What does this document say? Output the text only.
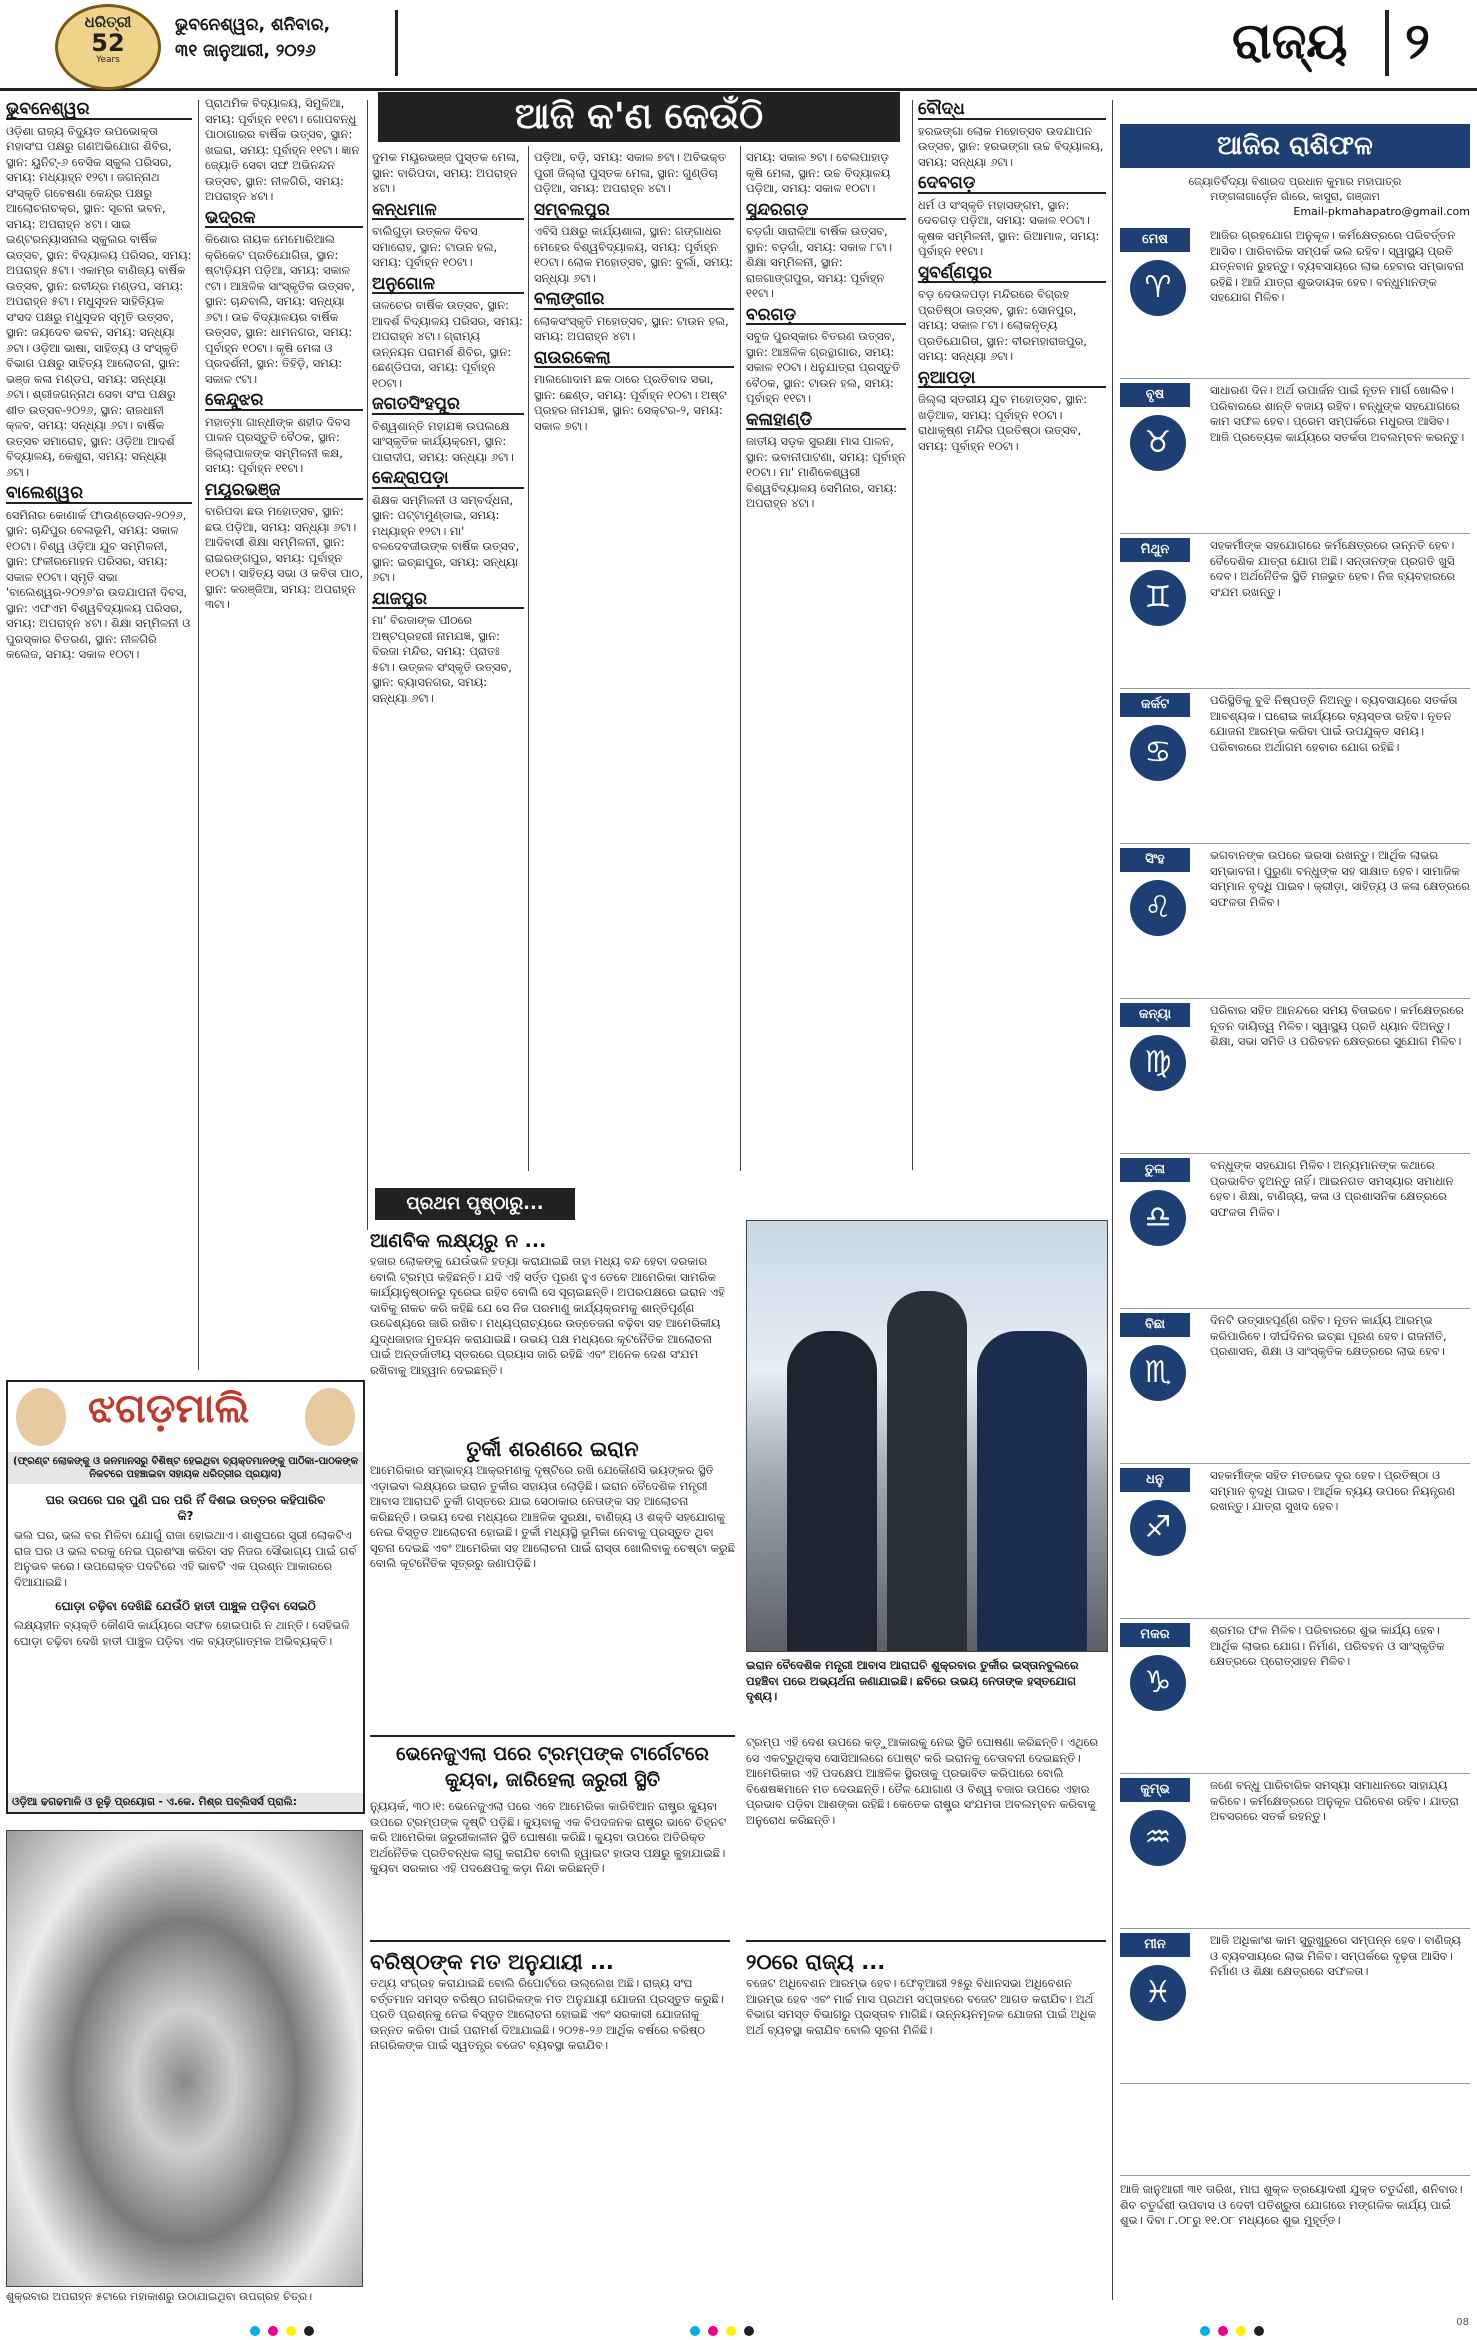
ଧରିତ୍ରୀ
52
Years
ଭୁବନେଶ୍ୱର, ଶନିବାର,
୩୧ ଜାନୁଆରୀ, ୨୦୨୬	ରାଜ୍ୟ ୨
ଆଜି କ'ଣ କେଉଁଠି
ଭୁବନେଶ୍ୱର
ଓଡ଼ିଶା ରାଜ୍ୟ ବିଦ୍ୟୁତ ଉପଭୋକ୍ତା ମହାସଂଘ ପକ୍ଷରୁ ଗଣଅଭିଯୋଗ ଶିବିର, ସ୍ଥାନ: ୟୁନିଟ୍-୬ ବେସିକ ସ୍କୁଲ ପରିସର, ସମୟ: ମଧ୍ୟାହ୍ନ ୧୨ଟା। ଜଗନ୍ନାଥ ସଂସ୍କୃତି ଗବେଷଣା କେନ୍ଦ୍ର ପକ୍ଷରୁ ଆଲୋଚନାଚକ୍ର, ସ୍ଥାନ: ସୂଚନା ଭବନ, ସମୟ: ଅପରାହ୍ନ ୪ଟା। ସାଇ ଇଣ୍ଟରନ୍ୟାସନାଲ ସ୍କୁଲର ବାର୍ଷିକ ଉତ୍ସବ, ସ୍ଥାନ: ବିଦ୍ୟାଳୟ ପରିସର, ସମୟ: ଅପରାହ୍ନ ୫ଟା। ଏକାମ୍ର ବାଣିଜ୍ୟ ବାର୍ଷିକ ଉତ୍ସବ, ସ୍ଥାନ: ରବୀନ୍ଦ୍ର ମଣ୍ଡପ, ସମୟ: ଅପରାହ୍ନ ୫ଟା। ମଧୁସୂଦନ ସାହିତ୍ୟିକ ସଂସଦ ପକ୍ଷରୁ ମଧୁସୂଦନ ସ୍ମୃତି ଉତ୍ସବ, ସ୍ଥାନ: ଜୟଦେବ ଭବନ, ସମୟ: ସନ୍ଧ୍ୟା ୬ଟା। ଓଡ଼ିଆ ଭାଷା, ସାହିତ୍ୟ ଓ ସଂସ୍କୃତି ବିଭାଗ ପକ୍ଷରୁ ସାହିତ୍ୟ ଆଲୋଚନା, ସ୍ଥାନ: ଭଞ୍ଜ କଳା ମଣ୍ଡପ, ସମୟ: ସନ୍ଧ୍ୟା ୬ଟା। ଶ୍ରୀଜଗନ୍ନାଥ ସେବା ସଂଘ ପକ୍ଷରୁ ଶୀତ ଉତ୍ସବ-୨୦୨୬, ସ୍ଥାନ: ରାଜଧାନୀ କ୍ଳବ, ସମୟ: ସନ୍ଧ୍ୟା ୬ଟା। ବାର୍ଷିକ ଉତ୍ସବ ସମାରୋହ, ସ୍ଥାନ: ଓଡ଼ିଆ ଆଦର୍ଶ ବିଦ୍ୟାଳୟ, କେଶୁରା, ସମୟ: ସନ୍ଧ୍ୟା ୬ଟା।
ବାଲେଶ୍ୱର
ସେମିନାର କୋଣାର୍କ ଫାଉଣ୍ଡେସନ-୨୦୨୬, ସ୍ଥାନ: ଚାନ୍ଦିପୁର ବେଳାଭୂମି, ସମୟ: ସକାଳ ୧୦ଟା। ବିଶ୍ୱ ଓଡ଼ିଆ ଯୁବ ସମ୍ମିଳନୀ, ସ୍ଥାନ: ଫକୀରମୋହନ ପରିସର, ସମୟ: ସକାଳ ୧୦ଟା। ସ୍ମୃତି ସଭା 'ବାଲେଶ୍ୱର-୨୦୨୬'ର ଉଦଯାପନୀ ଦିବସ, ସ୍ଥାନ: ଏଫଏମ ବିଶ୍ୱବିଦ୍ୟାଳୟ ପରିସର, ସମୟ: ଅପରାହ୍ନ ୪ଟା। ଶିକ୍ଷା ସମ୍ମିଳନୀ ଓ ପୁରସ୍କାର ବିତରଣ, ସ୍ଥାନ: ନୀଳଗିରି କଲେଜ, ସମୟ: ସକାଳ ୧୦ଟା।
ପ୍ରାଥମିକ ବିଦ୍ୟାଳୟ, ସିମୁଳିଆ, ସମୟ: ପୂର୍ବାହ୍ନ ୧୧ଟା। ଗୋପବନ୍ଧୁ ପାଠାଗାରର ବାର୍ଷିକ ଉତ୍ସବ, ସ୍ଥାନ: ଖଇରା, ସମୟ: ପୂର୍ବାହ୍ନ ୧୧ଟା। ଜ୍ଞାନ ଜ୍ୟୋତି ସେବା ସଙ୍ଘ ଅଭିନନ୍ଦନ ଉତ୍ସବ, ସ୍ଥାନ: ନୀଳଗିରି, ସମୟ: ଅପରାହ୍ନ ୪ଟା।
ଭଦ୍ରକ
କିଶୋର ନାୟକ ମେମୋରିଆଲ କ୍ରିକେଟ ପ୍ରତିଯୋଗିତା, ସ୍ଥାନ: ଷ୍ଟାଡ଼ିୟମ ପଡ଼ିଆ, ସମୟ: ସକାଳ ୯ଟା। ଆଞ୍ଚଳିକ ସାଂସ୍କୃତିକ ଉତ୍ସବ, ସ୍ଥାନ: ଚାନ୍ଦବାଲି, ସମୟ: ସନ୍ଧ୍ୟା ୬ଟା। ଉଚ୍ଚ ବିଦ୍ୟାଳୟର ବାର୍ଷିକ ଉତ୍ସବ, ସ୍ଥାନ: ଧାମନଗର, ସମୟ: ପୂର୍ବାହ୍ନ ୧୦ଟା। କୃଷି ମେଳା ଓ ପ୍ରଦର୍ଶନୀ, ସ୍ଥାନ: ତିହିଡ଼ି, ସମୟ: ସକାଳ ୯ଟା।
କେନ୍ଦୁଝର
ମହାତ୍ମା ଗାନ୍ଧୀଙ୍କ ଶହୀଦ ଦିବସ ପାଳନ ପ୍ରସ୍ତୁତି ବୈଠକ, ସ୍ଥାନ: ଜିଲ୍ଲାପାଳଙ୍କ ସମ୍ମିଳନୀ କକ୍ଷ, ସମୟ: ପୂର୍ବାହ୍ନ ୧୧ଟା।
ମୟୂରଭଞ୍ଜ
ବାରିପଦା ଛଉ ମହୋତ୍ସବ, ସ୍ଥାନ: ଛଉ ପଡ଼ିଆ, ସମୟ: ସନ୍ଧ୍ୟା ୬ଟା। ଆଦିବାସୀ ଶିକ୍ଷା ସମ୍ମିଳନୀ, ସ୍ଥାନ: ରାଇରଙ୍ଗପୁର, ସମୟ: ପୂର୍ବାହ୍ନ ୧୦ଟା। ସାହିତ୍ୟ ସଭା ଓ କବିତା ପାଠ, ସ୍ଥାନ: କରଞ୍ଜିଆ, ସମୟ: ଅପରାହ୍ନ ୩ଟା।
ଦୁମକ ମୟୂରଭଞ୍ଜ ପୁସ୍ତକ ମେଳା, ସ୍ଥାନ: ବାରିପଦା, ସମୟ: ଅପରାହ୍ନ ୪ଟା।
କନ୍ଧମାଳ
ବାଲିଗୁଡ଼ା ଉତ୍କଳ ଦିବସ ସମାରୋହ, ସ୍ଥାନ: ଟାଉନ ହଲ, ସମୟ: ପୂର୍ବାହ୍ନ ୧୦ଟା।
ଅନୁଗୋଳ
ତାଳଚେର ବାର୍ଷିକ ଉତ୍ସବ, ସ୍ଥାନ: ଆଦର୍ଶ ବିଦ୍ୟାଳୟ ପରିସର, ସମୟ: ଅପରାହ୍ନ ୪ଟା। ଗ୍ରାମ୍ୟ ଉନ୍ନୟନ ପରାମର୍ଶ ଶିବିର, ସ୍ଥାନ: ଛେଣ୍ଡିପଦା, ସମୟ: ପୂର୍ବାହ୍ନ ୧୦ଟା।
ଜଗତସିଂହପୁର
ବିଶ୍ୱଶାନ୍ତି ମହାଯଜ୍ଞ ଉପଲକ୍ଷେ ସାଂସ୍କୃତିକ କାର୍ଯ୍ୟକ୍ରମ, ସ୍ଥାନ: ପାରାଦୀପ, ସମୟ: ସନ୍ଧ୍ୟା ୬ଟା।
କେନ୍ଦ୍ରାପଡ଼ା
ଶିକ୍ଷକ ସମ୍ମିଳନୀ ଓ ସମ୍ବର୍ଦ୍ଧନା, ସ୍ଥାନ: ପଟ୍ଟାମୁଣ୍ଡାଇ, ସମୟ: ମଧ୍ୟାହ୍ନ ୧୨ଟା। ମା' ବଳଦେବଜୀଉଙ୍କ ବାର୍ଷିକ ଉତ୍ସବ, ସ୍ଥାନ: ଇଚ୍ଛାପୁର, ସମୟ: ସନ୍ଧ୍ୟା ୬ଟା।
ଯାଜପୁର
ମା' ବିରଜାଙ୍କ ପୀଠରେ ଅଷ୍ଟପ୍ରହରୀ ନାମଯଜ୍ଞ, ସ୍ଥାନ: ବିରଜା ମନ୍ଦିର, ସମୟ: ପ୍ରାତଃ ୫ଟା। ଉତ୍କଳ ସଂସ୍କୃତି ଉତ୍ସବ, ସ୍ଥାନ: ବ୍ୟାସନଗର, ସମୟ: ସନ୍ଧ୍ୟା ୬ଟା।
ପଡ଼ିଆ, ବଡ଼ି, ସମୟ: ସକାଳ ୭ଟା। ଅବିଭକ୍ତ ପୁରୀ ଜିଲ୍ଲା ପୁସ୍ତକ ମେଳା, ସ୍ଥାନ: ଗୁଣ୍ଡିଚା ପଡ଼ିଆ, ସମୟ: ଅପରାହ୍ନ ୪ଟା।
ସମ୍ବଲପୁର
ଏବିସି ପକ୍ଷରୁ କାର୍ଯ୍ୟଶାଳା, ସ୍ଥାନ: ଗଙ୍ଗାଧର ମେହେର ବିଶ୍ୱବିଦ୍ୟାଳୟ, ସମୟ: ପୂର୍ବାହ୍ନ ୧୦ଟା। ଲୋକ ମହୋତ୍ସବ, ସ୍ଥାନ: ବୁର୍ଲା, ସମୟ: ସନ୍ଧ୍ୟା ୬ଟା।
ବଲାଙ୍ଗୀର
ଲୋକସଂସ୍କୃତି ମହୋତ୍ସବ, ସ୍ଥାନ: ଟାଉନ ହଲ, ସମୟ: ଅପରାହ୍ନ ୪ଟା।
ରାଉରକେଲା
ମାଲଗୋଦାମ ଛକ ଠାରେ ପ୍ରତିବାଦ ସଭା, ସ୍ଥାନ: ଛେଣ୍ଡ, ସମୟ: ପୂର୍ବାହ୍ନ ୧୦ଟା। ଅଷ୍ଟ ପ୍ରହର ନାମଯଜ୍ଞ, ସ୍ଥାନ: ସେକ୍ଟର-୨, ସମୟ: ସକାଳ ୭ଟା।
ସମୟ: ସକାଳ ୭ଟା। ବେଲପାହାଡ଼ କୃଷି ମେଳା, ସ୍ଥାନ: ଉଚ୍ଚ ବିଦ୍ୟାଳୟ ପଡ଼ିଆ, ସମୟ: ସକାଳ ୧୦ଟା।
ସୁନ୍ଦରଗଡ଼
ବଡ଼ଗାଁ ସାରାଳିଆ ବାର୍ଷିକ ଉତ୍ସବ, ସ୍ଥାନ: ବଡ଼ଗାଁ, ସମୟ: ସକାଳ ୮ଟା। ଶିକ୍ଷା ସମ୍ମିଳନୀ, ସ୍ଥାନ: ରାଜଗାଙ୍ଗପୁର, ସମୟ: ପୂର୍ବାହ୍ନ ୧୧ଟା।
ବରଗଡ଼
ସବୁଜ ପୁରସ୍କାର ବିତରଣ ଉତ୍ସବ, ସ୍ଥାନ: ଆଞ୍ଚଳିକ ଗ୍ରନ୍ଥାଗାର, ସମୟ: ସକାଳ ୧୦ଟା। ଧନୁଯାତ୍ରା ପ୍ରସ୍ତୁତି ବୈଠକ, ସ୍ଥାନ: ଟାଉନ ହଲ, ସମୟ: ପୂର୍ବାହ୍ନ ୧୧ଟା।
କଳାହାଣ୍ଡି
ଜାତୀୟ ସଡ଼କ ସୁରକ୍ଷା ମାସ ପାଳନ, ସ୍ଥାନ: ଭବାନୀପାଟଣା, ସମୟ: ପୂର୍ବାହ୍ନ ୧୦ଟା। ମା' ମାଣିକେଶ୍ୱରୀ ବିଶ୍ୱବିଦ୍ୟାଳୟ ସେମିନାର, ସମୟ: ଅପରାହ୍ନ ୪ଟା।
ବୌଦ୍ଧ
ହରଭଙ୍ଗା ଲୋକ ମହୋତ୍ସବ ଉଦଯାପନ ଉତ୍ସବ, ସ୍ଥାନ: ହରଭଙ୍ଗା ଉଚ୍ଚ ବିଦ୍ୟାଳୟ, ସମୟ: ସନ୍ଧ୍ୟା ୬ଟା।
ଦେବଗଡ଼
ଧର୍ମ ଓ ସଂସ୍କୃତି ମହାସଙ୍ଗମ, ସ୍ଥାନ: ଦେବଗଡ଼ ପଡ଼ିଆ, ସମୟ: ସକାଳ ୧୦ଟା। କୃଷକ ସମ୍ମିଳନୀ, ସ୍ଥାନ: ରିଆମାଳ, ସମୟ: ପୂର୍ବାହ୍ନ ୧୧ଟା।
ସୁବର୍ଣ୍ଣପୁର
ବଡ଼ ଦେଉଳପଡ଼ା ମନ୍ଦିରରେ ବିଗ୍ରହ ପ୍ରତିଷ୍ଠା ଉତ୍ସବ, ସ୍ଥାନ: ସୋନପୁର, ସମୟ: ସକାଳ ୮ଟା। ଲୋକନୃତ୍ୟ ପ୍ରତିଯୋଗିତା, ସ୍ଥାନ: ବୀରମହାରାଜପୁର, ସମୟ: ସନ୍ଧ୍ୟା ୬ଟା।
ନୂଆପଡ଼ା
ଜିଲ୍ଲା ସ୍ତରୀୟ ଯୁବ ମହୋତ୍ସବ, ସ୍ଥାନ: ଖଡ଼ିଆଳ, ସମୟ: ପୂର୍ବାହ୍ନ ୧୦ଟା। ରାଧାକୃଷ୍ଣ ମନ୍ଦିର ପ୍ରତିଷ୍ଠା ଉତ୍ସବ, ସମୟ: ପୂର୍ବାହ୍ନ ୧୦ଟା।
ଝଗଡ଼ମାଲି
(ଫ୍ରଣ୍ଟ ଲୋକଙ୍କୁ ଓ ଜନମାନସରୁ ବିଶିଷ୍ଟ ହେଇଥିବା ବ୍ୟକ୍ତମାନଙ୍କୁ ପାଠିକା-ପାଠକଙ୍କ ନିକଟରେ ପହଞ୍ଚାଇବା ସହାୟକ ଧରିତ୍ରୀର ପ୍ରୟାସ)
ଘର ଉପରେ ଘର ପୁଣି ଘର ପରି ନିଁ ଦିଶଇ ଉତ୍ତର କହିପାରିବ କି?
ଭଲ ଘର, ଭଲ ବର ମିଳିବା ଯୋଗୁଁ ରାଜା ହୋଇଥାଏ। ଶାଶୁଘରେ ସ୍ତ୍ରୀ ଲୋକଟିଏ ରାଜ ଘର ଓ ଭଲ ବରକୁ ନେଇ ପ୍ରଶଂସା କରିବା ସହ ନିଜର ସୌଭାଗ୍ୟ ପାଇଁ ଗର୍ବ ଅନୁଭବ କରେ। ଉପରୋକ୍ତ ପଦଟିରେ ଏହି ଭାବଟି ଏକ ପ୍ରଶ୍ନ ଆକାରରେ ଦିଆଯାଇଛି।
ଘୋଡ଼ା ଚଢ଼ିବା ଦେଖିଛି ଯେଉଁଠି ହାତୀ ପାଞ୍ଚୁଳ ପଡ଼ିବା ସେଇଠି
ଲକ୍ଷ୍ୟହୀନ ବ୍ୟକ୍ତି କୌଣସି କାର୍ଯ୍ୟରେ ସଫଳ ହୋଇପାରି ନ ଥାନ୍ତି। ସେହିଭଳି ଘୋଡ଼ା ଚଢ଼ିବା ଦେଖି ହାତୀ ପାଞ୍ଚୁଳ ପଡ଼ିବା ଏକ ବ୍ୟଙ୍ଗାତ୍ମକ ଅଭିବ୍ୟକ୍ତି।
ଓଡ଼ିଆ ଢଗଢମାଳି ଓ ରୂଢ଼ି ପ୍ରୟୋଗ - ଏ.କେ. ମିଶ୍ର ପବ୍ଲିସର୍ସ ପ୍ରାଲି:
ଶୁକ୍ରବାର ଅପରାହ୍ନ ୫ଟାରେ ମହାକାଶରୁ ଉଠାଯାଇଥିବା ଉପଗ୍ରହ ଚିତ୍ର।
ପ୍ରଥମ ପୃଷ୍ଠାରୁ...
ଆଣବିକ ଲକ୍ଷ୍ୟରୁ ନ ...
ହଜାର ଲୋକଙ୍କୁ ଯେଉଁଭଳି ହତ୍ୟା କରାଯାଇଛି ତାହା ମଧ୍ୟ ବନ୍ଦ ହେବା ଦରକାର ବୋଲି ଟ୍ରମ୍ପ କହିଛନ୍ତି। ଯଦି ଏହି ସର୍ତ୍ତ ପୂରଣ ହୁଏ ତେବେ ଆମେରିକା ସାମରିକ କାର୍ଯ୍ୟାନୁଷ୍ଠାନରୁ ଦୂରେଇ ରହିବ ବୋଲି ସେ ସୂଚାଇଛନ୍ତି। ଅପରପକ୍ଷରେ ଇରାନ ଏହି ଦାବିକୁ ନାକଚ କରି କହିଛି ଯେ ସେ ନିଜ ପରମାଣୁ କାର୍ଯ୍ୟକ୍ରମକୁ ଶାନ୍ତିପୂର୍ଣ୍ଣ ଉଦ୍ଦେଶ୍ୟରେ ଜାରି ରଖିବ। ମଧ୍ୟପ୍ରାଚ୍ୟରେ ଉତ୍ତେଜନା ବଢ଼ିବା ସହ ଆମେରିକୀୟ ଯୁଦ୍ଧଜାହାଜ ମୁତୟନ କରାଯାଇଛି। ଉଭୟ ପକ୍ଷ ମଧ୍ୟରେ କୂଟନୈତିକ ଆଲୋଚନା ପାଇଁ ଅନ୍ତର୍ଜାତୀୟ ସ୍ତରରେ ପ୍ରୟାସ ଜାରି ରହିଛି ଏବଂ ଅନେକ ଦେଶ ସଂଯମ ରଖିବାକୁ ଆହ୍ୱାନ ଦେଇଛନ୍ତି।
ତୁର୍କୀ ଶରଣରେ ଇରାନ
ଆମେରିକାର ସମ୍ଭାବ୍ୟ ଆକ୍ରମଣକୁ ଦୃଷ୍ଟିରେ ରଖି ଯେକୌଣସି ଭୟଙ୍କର ସ୍ଥିତି ଏଡ଼ାଇବା ଲକ୍ଷ୍ୟରେ ଇରାନ ତୁର୍କୀର ସହାୟତା ଲୋଡ଼ିଛି। ଇରାନ ବୈଦେଶିକ ମନ୍ତ୍ରୀ ଆବାସ ଆରାଘଚି ତୁର୍କୀ ଗସ୍ତରେ ଯାଇ ସେଠାକାର ନେତାଙ୍କ ସହ ଆଲୋଚନା କରିଛନ୍ତି। ଉଭୟ ଦେଶ ମଧ୍ୟରେ ଆଞ୍ଚଳିକ ସୁରକ୍ଷା, ବାଣିଜ୍ୟ ଓ ଶକ୍ତି ସହଯୋଗକୁ ନେଇ ବିସ୍ତୃତ ଆଲୋଚନା ହୋଇଛି। ତୁର୍କୀ ମଧ୍ୟସ୍ଥି ଭୂମିକା ନେବାକୁ ପ୍ରସ୍ତୁତ ଥିବା ସୂଚନା ଦେଇଛି ଏବଂ ଆମେରିକା ସହ ଆଲୋଚନା ପାଇଁ ରାସ୍ତା ଖୋଲିବାକୁ ଚେଷ୍ଟା କରୁଛି ବୋଲି କୂଟନୈତିକ ସୂତ୍ରରୁ ଜଣାପଡ଼ିଛି।
ଭେନେଜୁଏଲା ପରେ ଟ୍ରମ୍ପଙ୍କ ଟାର୍ଗେଟରେ କ୍ୟୁବା, ଜାରିହେଲା ଜରୁରୀ ସ୍ଥିତି
ନ୍ୟୁୟର୍କ, ୩୦।୧: ଭେନେଜୁଏଲା ପରେ ଏବେ ଆମେରିକା କାରିବିଆନ ରାଷ୍ଟ୍ର କ୍ୟୁବା ଉପରେ ଟ୍ରମ୍ପଙ୍କ ଦୃଷ୍ଟି ପଡ଼ିଛି। କ୍ୟୁବାକୁ ଏକ ବିପଦଜନକ ରାଷ୍ଟ୍ର ଭାବେ ଚିହ୍ନଟ କରି ଆମେରିକା ଜରୁରୀକାଳୀନ ସ୍ଥିତି ଘୋଷଣା କରିଛି। କ୍ୟୁବା ଉପରେ ଅତିରିକ୍ତ ଅର୍ଥନୈତିକ ପ୍ରତିବନ୍ଧକ ଲାଗୁ କରାଯିବ ବୋଲି ହ୍ୱାଇଟ ହାଉସ ପକ୍ଷରୁ କୁହାଯାଇଛି। କ୍ୟୁବା ସରକାର ଏହି ପଦକ୍ଷେପକୁ କଡ଼ା ନିନ୍ଦା କରିଛନ୍ତି।
ଇରାନ ବୈଦେଶିକ ମନ୍ତ୍ରୀ ଆବାସ ଆରାଘଚି ଶୁକ୍ରବାର ତୁର୍କୀର ଇସ୍ତାନବୁଲରେ ପହଞ୍ଚିବା ପରେ ଅଭ୍ୟର୍ଥନା ଜଣାଯାଇଛି। ଛବିରେ ଉଭୟ ନେତାଙ୍କ ହସ୍ତଯୋଗ ଦୃଶ୍ୟ।
ଟ୍ରମ୍ପ ଏହି ଦେଶ ଉପରେ କଡ଼ୁଆକାରକୁ ନେଇ ସ୍ଥିତି ଘୋଷଣା କରିଛନ୍ତି। ଏଥିରେ ସେ ଏକଟ୍ରୁଥିକ୍ସ ସୋସିଆଲରେ ପୋଷ୍ଟ କରି ଇରାନକୁ ଚେତାବନୀ ଦେଇଛନ୍ତି। ଆମେରିକାର ଏହି ପଦକ୍ଷେପ ଆଞ୍ଚଳିକ ସ୍ଥିରତାକୁ ପ୍ରଭାବିତ କରିପାରେ ବୋଲି ବିଶେଷଜ୍ଞମାନେ ମତ ଦେଉଛନ୍ତି। ତୈଳ ଯୋଗାଣ ଓ ବିଶ୍ୱ ବଜାର ଉପରେ ଏହାର ପ୍ରଭାବ ପଡ଼ିବା ଆଶଙ୍କା ରହିଛି। କେତେକ ରାଷ୍ଟ୍ର ସଂଯମତା ଅବଲମ୍ବନ କରିବାକୁ ଅନୁରୋଧ କରିଛନ୍ତି।
ବରିଷ୍ଠଙ୍କ ମତ ଅନୁଯାୟୀ ...
ତଥ୍ୟ ସଂଗ୍ରହ କରାଯାଇଛି ବୋଲି ରିପୋର୍ଟରେ ଉଲ୍ଲେଖ ଅଛି। ରାଜ୍ୟ ସଂଘ ବର୍ତ୍ତମାନ ସମସ୍ତ ବରିଷ୍ଠ ନାଗରିକଙ୍କ ମତ ଅନୁଯାୟୀ ଯୋଜନା ପ୍ରସ୍ତୁତ କରୁଛି। ପ୍ରତି ପ୍ରଶ୍ନକୁ ନେଇ ବିସ୍ତୃତ ଆଲୋଚନା ହୋଇଛି ଏବଂ ସରକାରୀ ଯୋଜନାକୁ ଉନ୍ନତ କରିବା ପାଇଁ ପରାମର୍ଶ ଦିଆଯାଇଛି। ୨୦୨୫-୨୬ ଆର୍ଥିକ ବର୍ଷରେ ବରିଷ୍ଠ ନାଗରିକଙ୍କ ପାଇଁ ସ୍ୱତନ୍ତ୍ର ବଜେଟ ବ୍ୟବସ୍ଥା କରାଯିବ।
୨୦ରେ ରାଜ୍ୟ ...
ବଜେଟ ଅଧିବେଶନ ଆରମ୍ଭ ହେବ। ଫେବୃଆରୀ ୨୫ରୁ ବିଧାନସଭା ଅଧିବେଶନ ଆରମ୍ଭ ହେବ ଏବଂ ମାର୍ଚ୍ଚ ମାସ ପ୍ରଥମ ସପ୍ତାହରେ ବଜେଟ ଆଗତ କରାଯିବ। ଅର୍ଥ ବିଭାଗ ସମସ୍ତ ବିଭାଗରୁ ପ୍ରସ୍ତାବ ମାଗିଛି। ଉନ୍ନୟନମୂଳକ ଯୋଜନା ପାଇଁ ଅଧିକ ଅର୍ଥ ବ୍ୟବସ୍ଥା କରାଯିବ ବୋଲି ସୂଚନା ମିଳିଛି।
ଆଜିର ରାଶିଫଳ
ଜ୍ୟୋତିର୍ବିଦ୍ୟା ବିଶାରଦ ପ୍ରଧାନ କୁମାର ମହାପାତ୍ର
ମଙ୍ଗଳାଗାର୍ଡ଼େନ ଗାଁରେ, କାସୁରା, ଗଞ୍ଜାମ
Email-pkmahapatro@gmail.com
ମେଷ
♈
ଆଜିର ଗ୍ରହଯୋଗ ଅନୁକୂଳ। କର୍ମକ୍ଷେତ୍ରରେ ପରିବର୍ତ୍ତନ ଆସିବ। ପାରିବାରିକ ସମ୍ପର୍କ ଭଲ ରହିବ। ସ୍ୱାସ୍ଥ୍ୟ ପ୍ରତି ଯତ୍ନବାନ ରୁହନ୍ତୁ। ବ୍ୟବସାୟରେ ଲାଭ ହେବାର ସମ୍ଭାବନା ରହିଛି। ଆଜି ଯାତ୍ରା ଶୁଭଦାୟକ ହେବ। ବନ୍ଧୁମାନଙ୍କ ସହଯୋଗ ମିଳିବ।
ବୃଷ
♉
ସାଧାରଣ ଦିନ। ଅର୍ଥ ଉପାର୍ଜନ ପାଇଁ ନୂତନ ମାର୍ଗ ଖୋଲିବ। ପରିବାରରେ ଶାନ୍ତି ବଜାୟ ରହିବ। ବନ୍ଧୁଙ୍କ ସହଯୋଗରେ କାମ ସଫଳ ହେବ। ପ୍ରେମ ସମ୍ପର୍କରେ ମଧୁରତା ଆସିବ। ଆଜି ପ୍ରତ୍ୟେକ କାର୍ଯ୍ୟରେ ସତର୍କତା ଅବଲମ୍ବନ କରନ୍ତୁ।
ମିଥୁନ
♊
ସହକର୍ମୀଙ୍କ ସହଯୋଗରେ କର୍ମକ୍ଷେତ୍ରରେ ଉନ୍ନତି ହେବ। ବୈଦେଶିକ ଯାତ୍ରା ଯୋଗ ଅଛି। ସନ୍ତାନଙ୍କ ପ୍ରଗତି ଖୁସି ଦେବ। ଅର୍ଥନୈତିକ ସ୍ଥିତି ମଜଭୁତ ହେବ। ନିଜ ବ୍ୟବହାରରେ ସଂଯମ ରଖନ୍ତୁ।
କର୍କଟ
♋
ପରିସ୍ଥିତିକୁ ବୁଝି ନିଷ୍ପତ୍ତି ନିଅନ୍ତୁ। ବ୍ୟବସାୟରେ ସତର୍କତା ଆବଶ୍ୟକ। ଘରୋଇ କାର୍ଯ୍ୟରେ ବ୍ୟସ୍ତତା ରହିବ। ନୂତନ ଯୋଜନା ଆରମ୍ଭ କରିବା ପାଇଁ ଉପଯୁକ୍ତ ସମୟ। ପରିବାରରେ ଅର୍ଥାଗମ ହେବାର ଯୋଗ ରହିଛି।
ସିଂହ
♌
ଭଗବାନଙ୍କ ଉପରେ ଭରସା ରଖନ୍ତୁ। ଆର୍ଥିକ ଲାଭର ସମ୍ଭାବନା। ପୁରୁଣା ବନ୍ଧୁଙ୍କ ସହ ସାକ୍ଷାତ ହେବ। ସାମାଜିକ ସମ୍ମାନ ବୃଦ୍ଧି ପାଇବ। କ୍ରୀଡ଼ା, ସାହିତ୍ୟ ଓ କଳା କ୍ଷେତ୍ରରେ ସଫଳତା ମିଳିବ।
କନ୍ୟା
♍
ପରିବାର ସହିତ ଆନନ୍ଦରେ ସମୟ ବିତାଇବେ। କର୍ମକ୍ଷେତ୍ରରେ ନୂତନ ଦାୟିତ୍ୱ ମିଳିବ। ସ୍ୱାସ୍ଥ୍ୟ ପ୍ରତି ଧ୍ୟାନ ଦିଅନ୍ତୁ। ଶିକ୍ଷା, ସଭା ସମିତି ଓ ପରିବହନ କ୍ଷେତ୍ରରେ ସୁଯୋଗ ମିଳିବ।
ତୁଳା
♎
ବନ୍ଧୁଙ୍କ ସହଯୋଗ ମିଳିବ। ଅନ୍ୟମାନଙ୍କ କଥାରେ ପ୍ରଭାବିତ ହୁଅନ୍ତୁ ନାହିଁ। ଆଇନଗତ ସମସ୍ୟାର ସମାଧାନ ହେବ। ଶିକ୍ଷା, ବାଣିଜ୍ୟ, କଳା ଓ ପ୍ରଶାସନିକ କ୍ଷେତ୍ରରେ ସଫଳତା ମିଳିବ।
ବିଛା
♏
ଦିନଟି ଉତ୍ସାହପୂର୍ଣ୍ଣ ରହିବ। ନୂତନ କାର୍ଯ୍ୟ ଆରମ୍ଭ କରିପାରିବେ। ଦୀର୍ଘଦିନର ଇଚ୍ଛା ପୂରଣ ହେବ। ରାଜନୀତି, ପ୍ରଶାସନ, ଶିକ୍ଷା ଓ ସାଂସ୍କୃତିକ କ୍ଷେତ୍ରରେ ଲାଭ ହେବ।
ଧନୁ
♐
ସହକର୍ମୀଙ୍କ ସହିତ ମତଭେଦ ଦୂର ହେବ। ପ୍ରତିଷ୍ଠା ଓ ସମ୍ମାନ ବୃଦ୍ଧି ପାଇବ। ଆର୍ଥିକ ବ୍ୟୟ ଉପରେ ନିୟନ୍ତ୍ରଣ ରଖନ୍ତୁ। ଯାତ୍ରା ସୁଖଦ ହେବ।
ମକର
♑
ଶ୍ରମର ଫଳ ମିଳିବ। ପରିବାରରେ ଶୁଭ କାର୍ଯ୍ୟ ହେବ। ଆର୍ଥିକ ଲାଭର ଯୋଗ। ନିର୍ମାଣ, ପରିବହନ ଓ ସାଂସ୍କୃତିକ କ୍ଷେତ୍ରରେ ପ୍ରୋତ୍ସାହନ ମିଳିବ।
କୁମ୍ଭ
♒
ଜଣେ ବନ୍ଧୁ ପାରିବାରିକ ସମସ୍ୟା ସମାଧାନରେ ସାହାଯ୍ୟ କରିବେ। କର୍ମକ୍ଷେତ୍ରରେ ଅନୁକୂଳ ପରିବେଶ ରହିବ। ଯାତ୍ରା ଅବସରରେ ସତର୍କ ରହନ୍ତୁ।
ମୀନ
♓
ଆଜି ଅଧିକାଂଶ କାମ ସୁରୁଖୁରୁରେ ସମ୍ପନ୍ନ ହେବ। ବାଣିଜ୍ୟ ଓ ବ୍ୟବସାୟରେ ଲାଭ ମିଳିବ। ସମ୍ପର୍କରେ ଦୃଢ଼ତା ଆସିବ। ନିର୍ମାଣ ଓ ଶିକ୍ଷା କ୍ଷେତ୍ରରେ ସଫଳତା।
ଆଜି ଜାନୁଆରୀ ୩୧ ତାରିଖ, ମାଘ ଶୁକ୍ଳ ତ୍ରୟୋଦଶୀ ଯୁକ୍ତ ଚତୁର୍ଦ୍ଦଶୀ, ଶନିବାର। ଶିବ ଚତୁର୍ଦ୍ଦଶୀ ଉପବାସ ଓ ଦେବୀ ପତିଶ୍ରୁତା ଯୋଗରେ ମଙ୍ଗଳିକ କାର୍ଯ୍ୟ ପାଇଁ ଶୁଭ। ଦିବା ୮.୦୮ରୁ ୧୧.୦୮ ମଧ୍ୟରେ ଶୁଭ ମୁହୂର୍ତ୍ତ।

08
